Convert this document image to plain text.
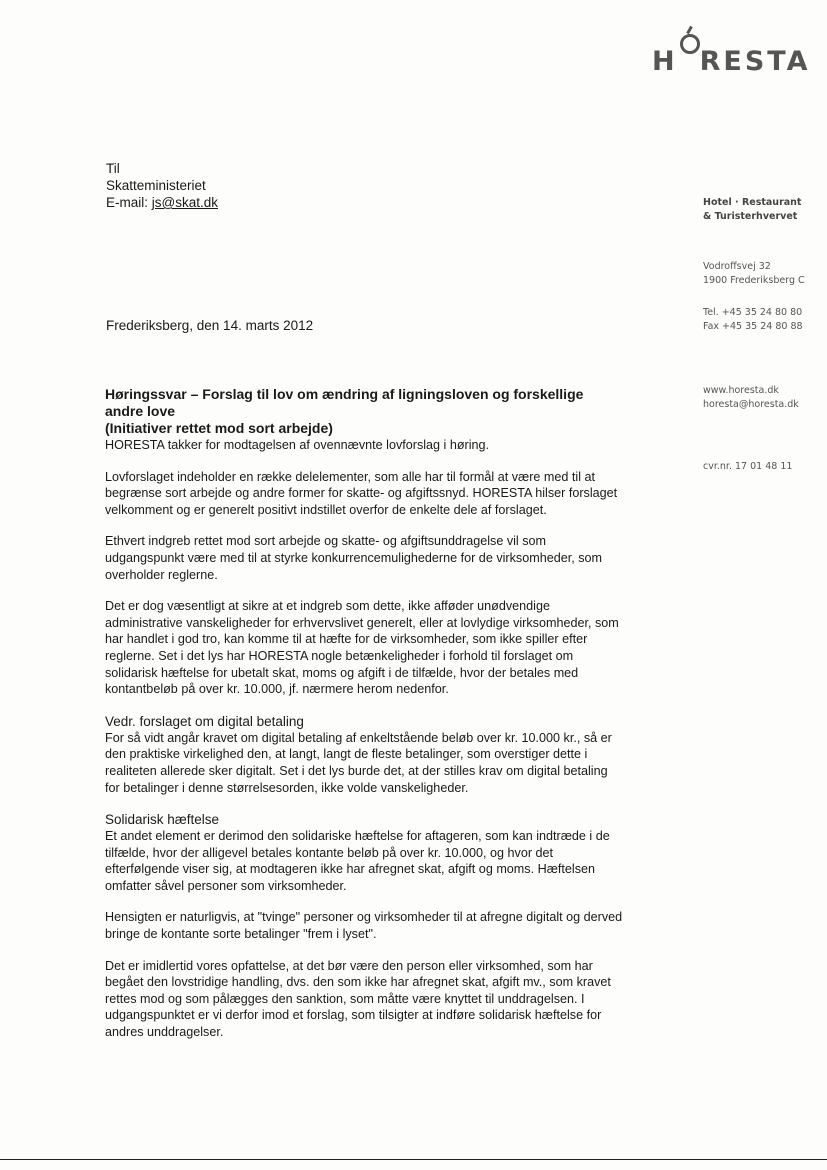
H RESTA
Hotel · Restaurant
& Turisterhvervet
Vodroffsvej 32
1900 Frederiksberg C
Tel. +45 35 24 80 80
Fax +45 35 24 80 88
www.horesta.dk
horesta@horesta.dk
cvr.nr. 17 01 48 11
Til
Skatteministeriet
E-mail: js@skat.dk
Frederiksberg, den 14. marts 2012
Høringssvar – Forslag til lov om ændring af ligningsloven og forskellige andre love
(Initiativer rettet mod sort arbejde)

HORESTA takker for modtagelsen af ovennævnte lovforslag i høring.

Lovforslaget indeholder en række delelementer, som alle har til formål at være med til at begrænse sort arbejde og andre former for skatte- og afgiftssnyd. HORESTA hilser forslaget velkomment og er generelt positivt indstillet overfor de enkelte dele af forslaget.

Ethvert indgreb rettet mod sort arbejde og skatte- og afgiftsunddragelse vil som udgangspunkt være med til at styrke konkurrencemulighederne for de virksomheder, som overholder reglerne.

Det er dog væsentligt at sikre at et indgreb som dette, ikke afføder unødvendige administrative vanskeligheder for erhvervslivet generelt, eller at lovlydige virksomheder, som har handlet i god tro, kan komme til at hæfte for de virksomheder, som ikke spiller efter reglerne. Set i det lys har HORESTA nogle betænkeligheder i forhold til forslaget om solidarisk hæftelse for ubetalt skat, moms og afgift i de tilfælde, hvor der betales med kontantbeløb på over kr. 10.000, jf. nærmere herom nedenfor.

Vedr. forslaget om digital betaling

For så vidt angår kravet om digital betaling af enkeltstående beløb over kr. 10.000 kr., så er den praktiske virkelighed den, at langt, langt de fleste betalinger, som overstiger dette i realiteten allerede sker digitalt. Set i det lys burde det, at der stilles krav om digital betaling for betalinger i denne størrelsesorden, ikke volde vanskeligheder.

Solidarisk hæftelse

Et andet element er derimod den solidariske hæftelse for aftageren, som kan indtræde i de tilfælde, hvor der alligevel betales kontante beløb på over kr. 10.000, og hvor det efterfølgende viser sig, at modtageren ikke har afregnet skat, afgift og moms. Hæftelsen omfatter såvel personer som virksomheder.

Hensigten er naturligvis, at "tvinge" personer og virksomheder til at afregne digitalt og derved bringe de kontante sorte betalinger "frem i lyset".

Det er imidlertid vores opfattelse, at det bør være den person eller virksomhed, som har begået den lovstridige handling, dvs. den som ikke har afregnet skat, afgift mv., som kravet rettes mod og som pålægges den sanktion, som måtte være knyttet til unddragelsen. I udgangspunktet er vi derfor imod et forslag, som tilsigter at indføre solidarisk hæftelse for andres unddragelser.
